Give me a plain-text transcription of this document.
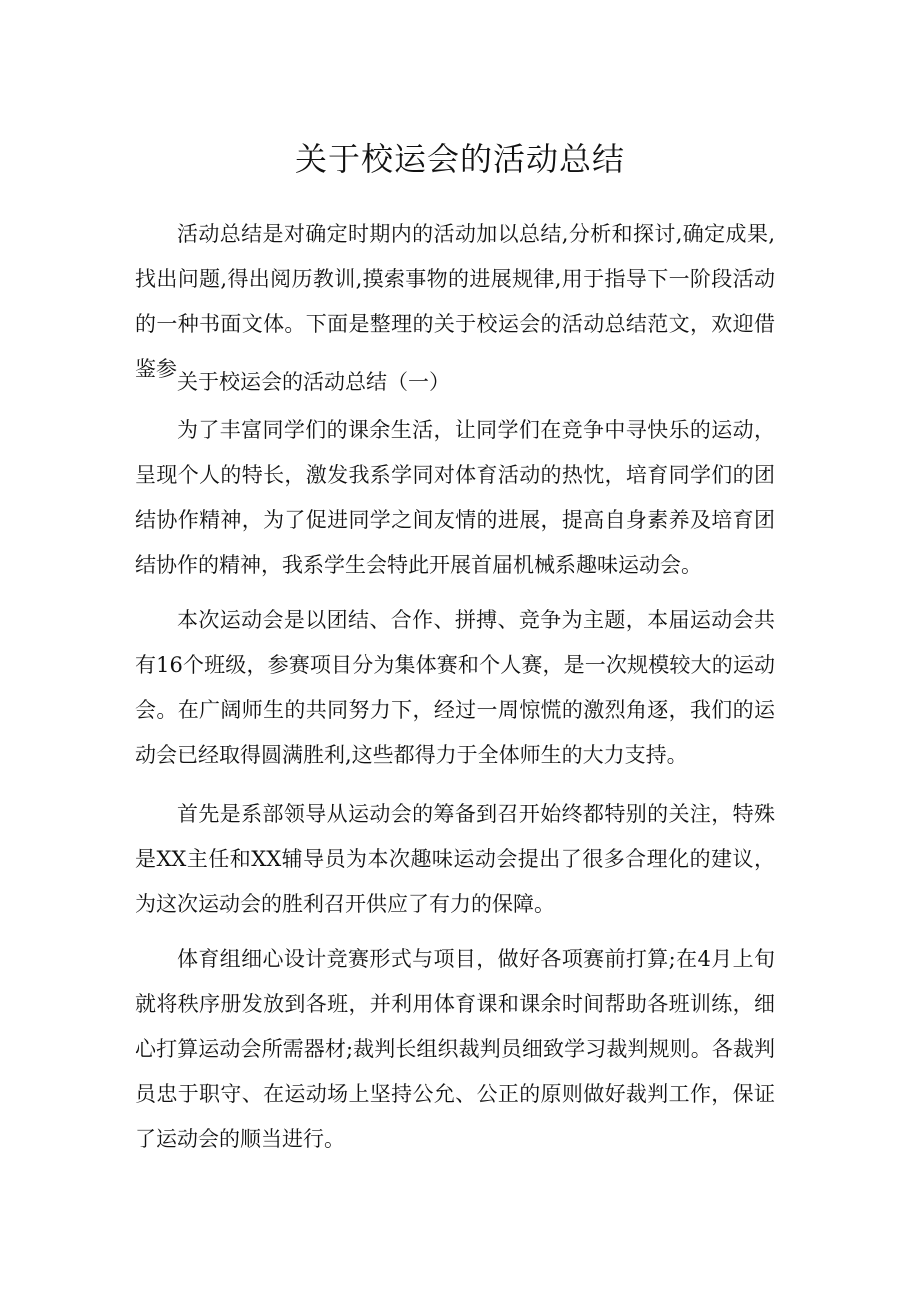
关于校运会的活动总结

活动总结是对确定时期内的活动加以总结,分析和探讨,确定成果,找出问题,得出阅历教训,摸索事物的进展规律,用于指导下一阶段活动的一种书面文体。下面是整理的关于校运会的活动总结范文，欢迎借鉴参

关于校运会的活动总结（一）

为了丰富同学们的课余生活，让同学们在竞争中寻快乐的运动，呈现个人的特长，激发我系学同对体育活动的热忱，培育同学们的团结协作精神，为了促进同学之间友情的进展，提高自身素养及培育团结协作的精神，我系学生会特此开展首届机械系趣味运动会。

本次运动会是以团结、合作、拼搏、竞争为主题，本届运动会共有16个班级，参赛项目分为集体赛和个人赛，是一次规模较大的运动会。在广阔师生的共同努力下，经过一周惊慌的激烈角逐，我们的运动会已经取得圆满胜利,这些都得力于全体师生的大力支持。

首先是系部领导从运动会的筹备到召开始终都特别的关注，特殊是XX主任和XX辅导员为本次趣味运动会提出了很多合理化的建议，为这次运动会的胜利召开供应了有力的保障。

体育组细心设计竞赛形式与项目，做好各项赛前打算;在4月上旬就将秩序册发放到各班，并利用体育课和课余时间帮助各班训练，细心打算运动会所需器材;裁判长组织裁判员细致学习裁判规则。各裁判员忠于职守、在运动场上坚持公允、公正的原则做好裁判工作，保证了运动会的顺当进行。
